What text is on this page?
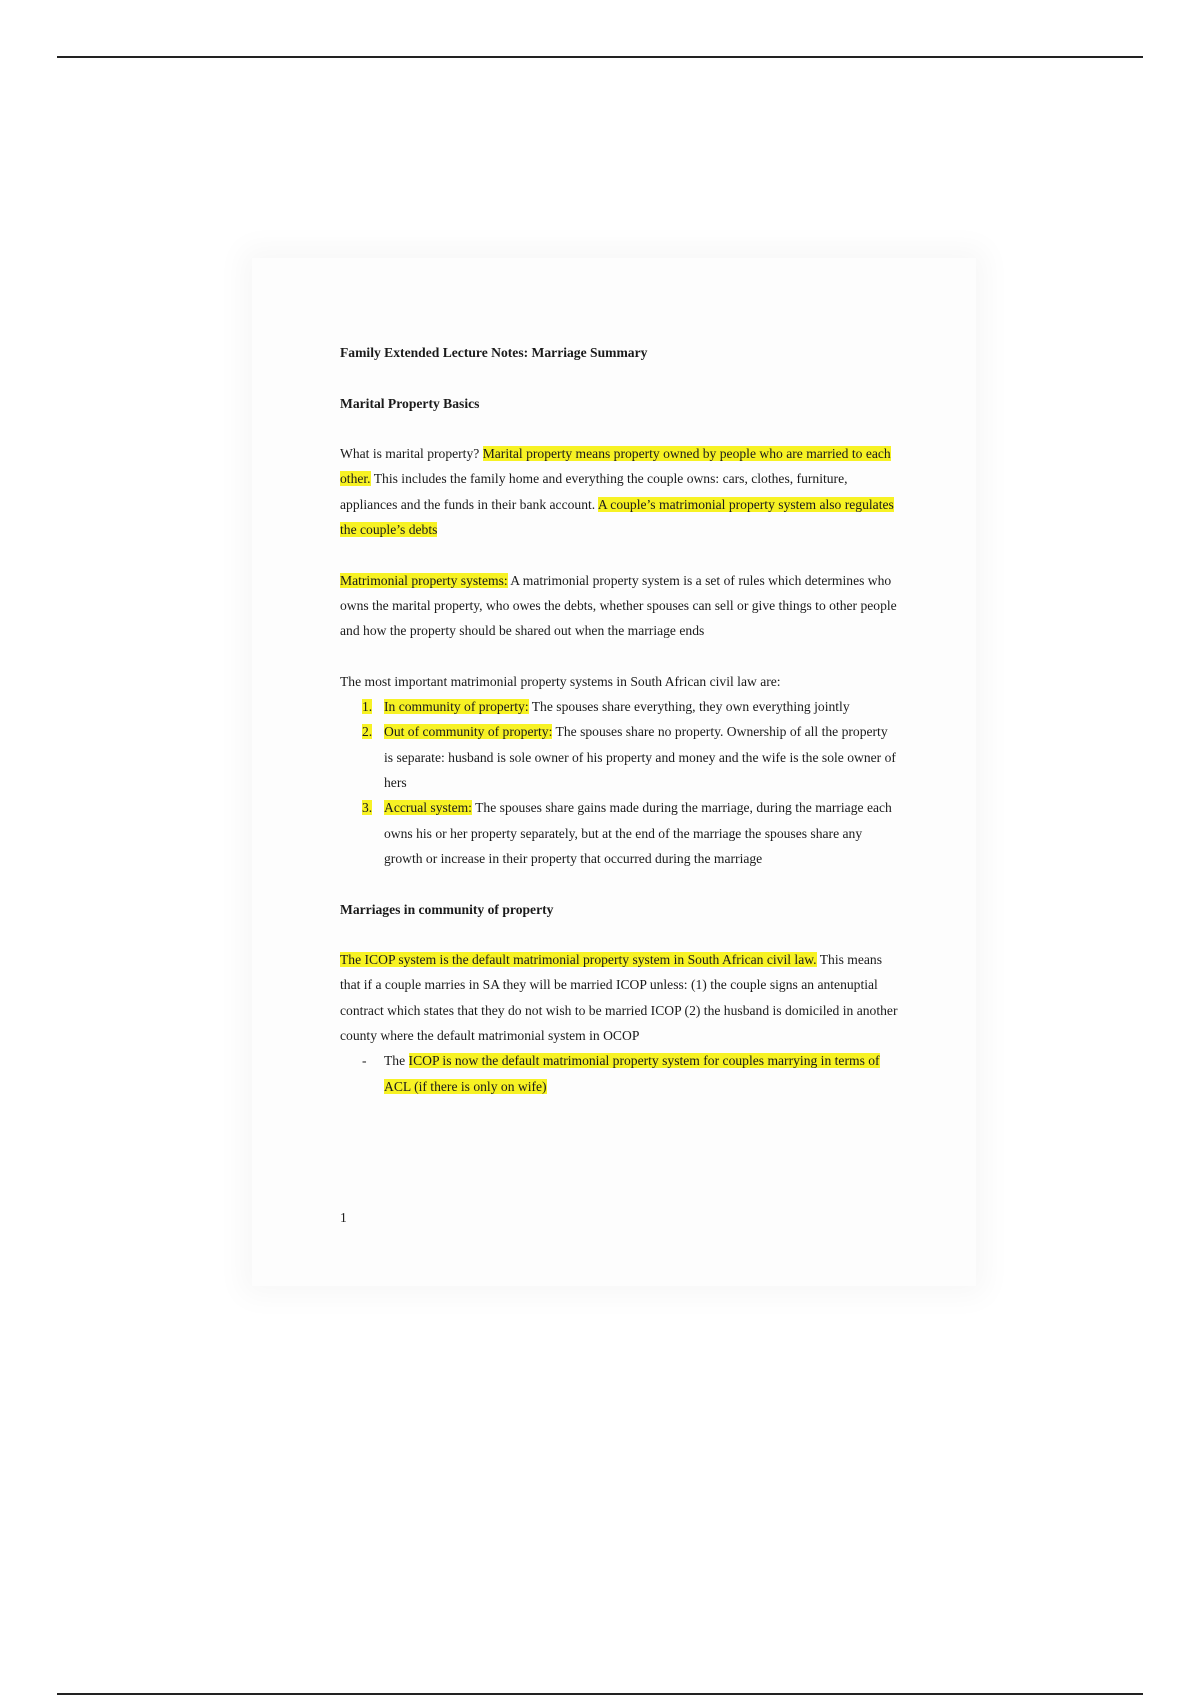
Family Extended Lecture Notes: Marriage Summary

Marital Property Basics

What is marital property? Marital property means property owned by people who are married to each other. This includes the family home and everything the couple owns: cars, clothes, furniture, appliances and the funds in their bank account. A couple’s matrimonial property system also regulates the couple’s debts

Matrimonial property systems: A matrimonial property system is a set of rules which determines who owns the marital property, who owes the debts, whether spouses can sell or give things to other people and how the property should be shared out when the marriage ends

The most important matrimonial property systems in South African civil law are:

1. In community of property: The spouses share everything, they own everything jointly
2. Out of community of property: The spouses share no property. Ownership of all the property is separate: husband is sole owner of his property and money and the wife is the sole owner of hers
3. Accrual system: The spouses share gains made during the marriage, during the marriage each owns his or her property separately, but at the end of the marriage the spouses share any growth or increase in their property that occurred during the marriage

Marriages in community of property

The ICOP system is the default matrimonial property system in South African civil law. This means that if a couple marries in SA they will be married ICOP unless: (1) the couple signs an antenuptial contract which states that they do not wish to be married ICOP (2) the husband is domiciled in another county where the default matrimonial system in OCOP

- The ICOP is now the default matrimonial property system for couples marrying in terms of ACL (if there is only on wife)
1
